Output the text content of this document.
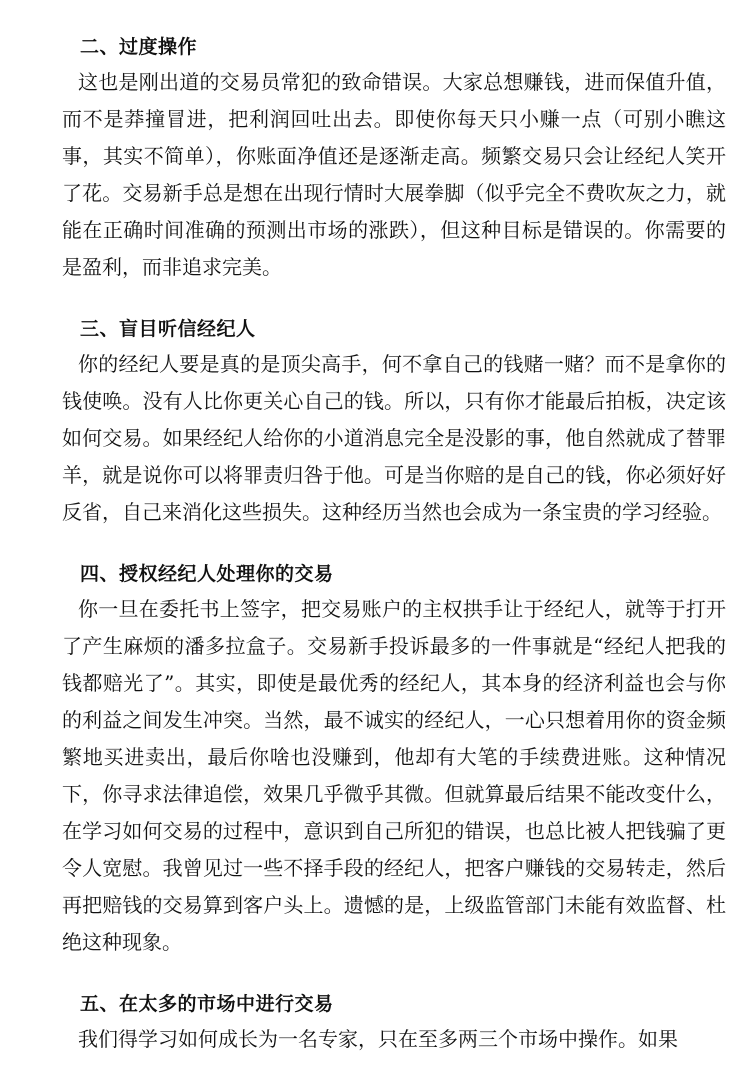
二、过度操作

这也是刚出道的交易员常犯的致命错误。大家总想赚钱，进而保值升值，而不是莽撞冒进，把利润回吐出去。即使你每天只小赚一点（可别小瞧这事，其实不简单），你账面净值还是逐渐走高。频繁交易只会让经纪人笑开了花。交易新手总是想在出现行情时大展拳脚（似乎完全不费吹灰之力，就能在正确时间准确的预测出市场的涨跌），但这种目标是错误的。你需要的是盈利，而非追求完美。

三、盲目听信经纪人

你的经纪人要是真的是顶尖高手，何不拿自己的钱赌一赌？而不是拿你的钱使唤。没有人比你更关心自己的钱。所以，只有你才能最后拍板，决定该如何交易。如果经纪人给你的小道消息完全是没影的事，他自然就成了替罪羊，就是说你可以将罪责归咎于他。可是当你赔的是自己的钱，你必须好好反省，自己来消化这些损失。这种经历当然也会成为一条宝贵的学习经验。

四、授权经纪人处理你的交易

你一旦在委托书上签字，把交易账户的主权拱手让于经纪人，就等于打开了产生麻烦的潘多拉盒子。交易新手投诉最多的一件事就是“经纪人把我的钱都赔光了”。其实，即使是最优秀的经纪人，其本身的经济利益也会与你的利益之间发生冲突。当然，最不诚实的经纪人，一心只想着用你的资金频繁地买进卖出，最后你啥也没赚到，他却有大笔的手续费进账。这种情况下，你寻求法律追偿，效果几乎微乎其微。但就算最后结果不能改变什么，在学习如何交易的过程中，意识到自己所犯的错误，也总比被人把钱骗了更令人宽慰。我曾见过一些不择手段的经纪人，把客户赚钱的交易转走，然后再把赔钱的交易算到客户头上。遗憾的是，上级监管部门未能有效监督、杜绝这种现象。

五、在太多的市场中进行交易

我们得学习如何成长为一名专家，只在至多两三个市场中操作。如果
